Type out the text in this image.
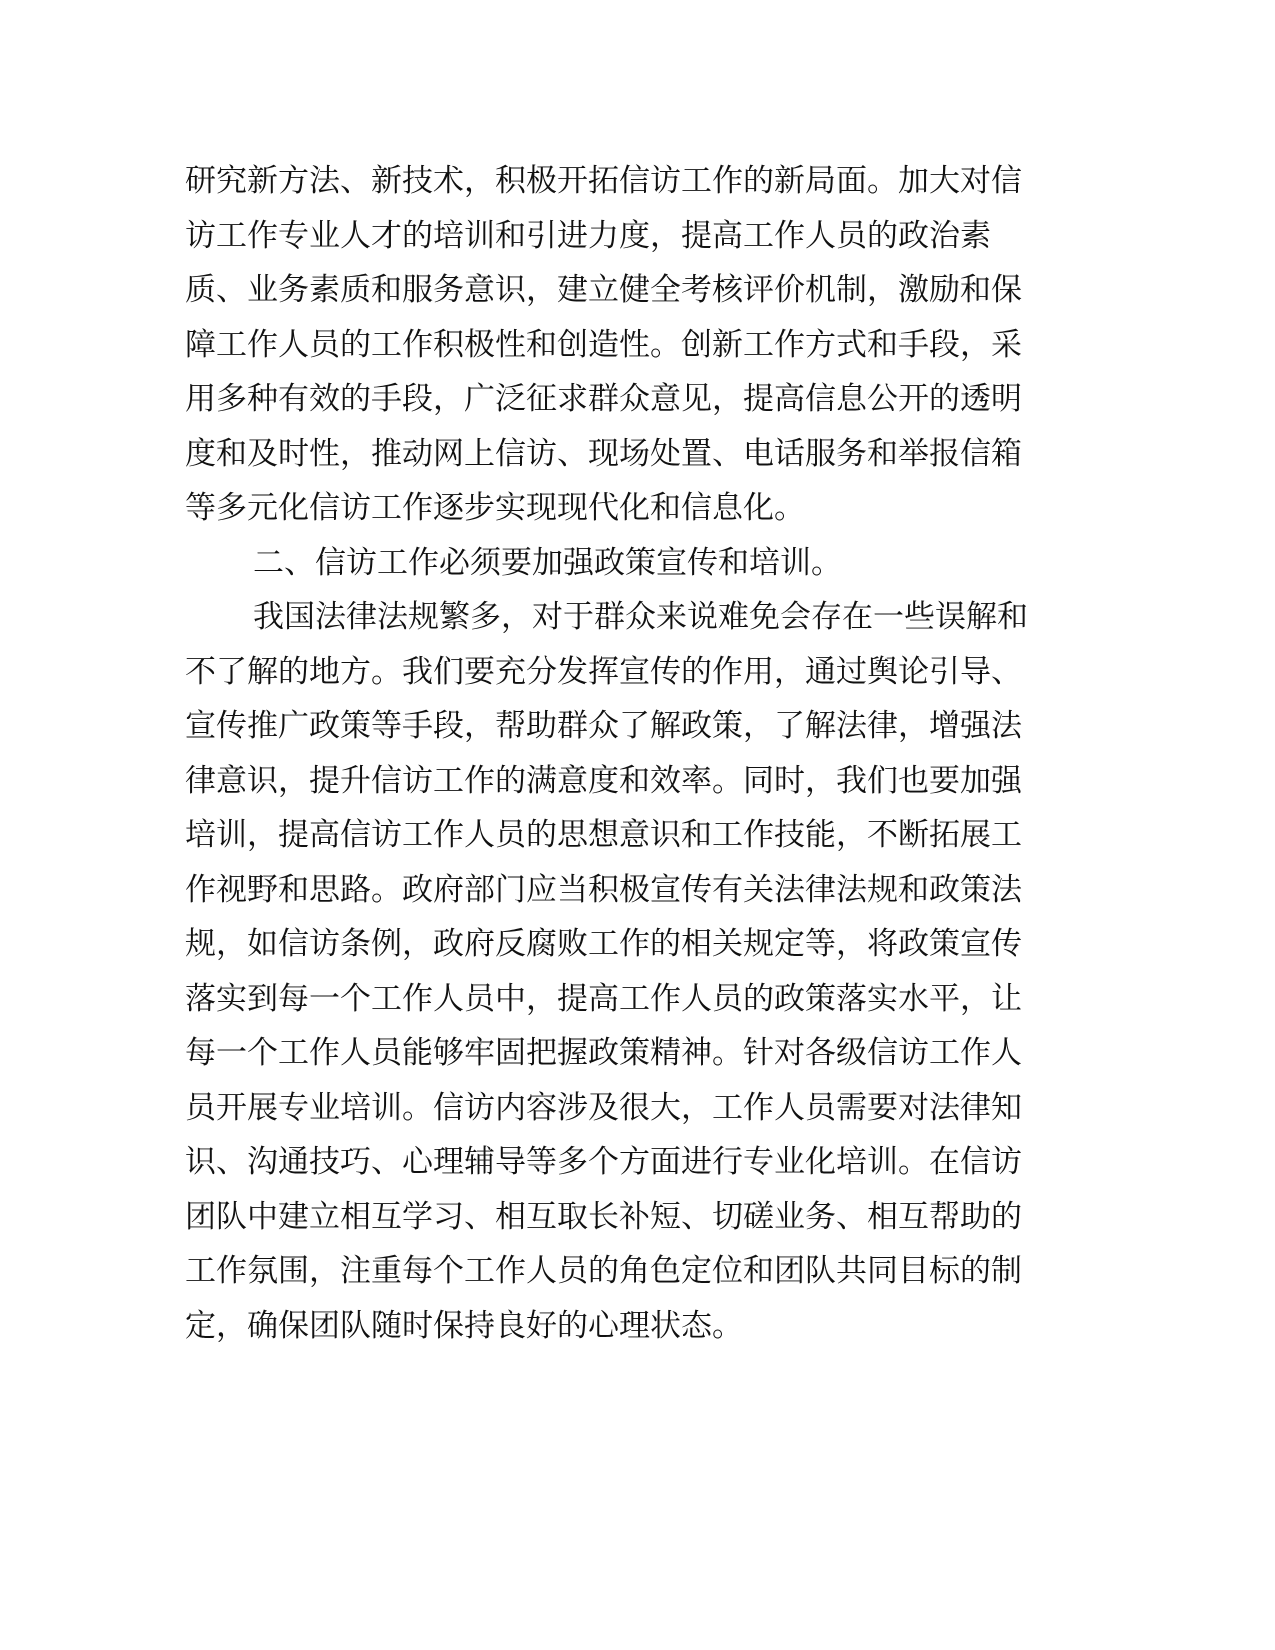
研究新方法、新技术，积极开拓信访工作的新局面。加大对信
访工作专业人才的培训和引进力度，提高工作人员的政治素
质、业务素质和服务意识，建立健全考核评价机制，激励和保
障工作人员的工作积极性和创造性。创新工作方式和手段，采
用多种有效的手段，广泛征求群众意见，提高信息公开的透明
度和及时性，推动网上信访、现场处置、电话服务和举报信箱
等多元化信访工作逐步实现现代化和信息化。
二、信访工作必须要加强政策宣传和培训。
我国法律法规繁多，对于群众来说难免会存在一些误解和
不了解的地方。我们要充分发挥宣传的作用，通过舆论引导、
宣传推广政策等手段，帮助群众了解政策，了解法律，增强法
律意识，提升信访工作的满意度和效率。同时，我们也要加强
培训，提高信访工作人员的思想意识和工作技能，不断拓展工
作视野和思路。政府部门应当积极宣传有关法律法规和政策法
规，如信访条例，政府反腐败工作的相关规定等，将政策宣传
落实到每一个工作人员中，提高工作人员的政策落实水平，让
每一个工作人员能够牢固把握政策精神。针对各级信访工作人
员开展专业培训。信访内容涉及很大，工作人员需要对法律知
识、沟通技巧、心理辅导等多个方面进行专业化培训。在信访
团队中建立相互学习、相互取长补短、切磋业务、相互帮助的
工作氛围，注重每个工作人员的角色定位和团队共同目标的制
定，确保团队随时保持良好的心理状态。
